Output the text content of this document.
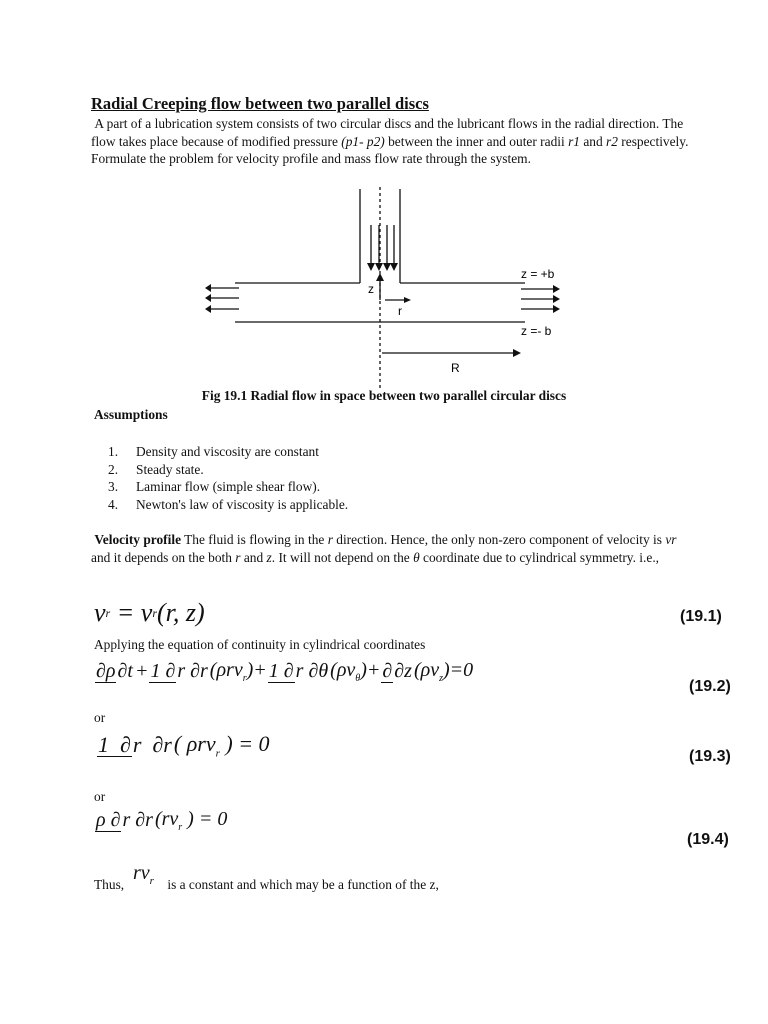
Radial Creeping flow between two parallel discs
A part of a lubrication system consists of two circular discs and the lubricant flows in the radial direction. The flow takes place because of modified pressure (p1- p2) between the inner and outer radii r1 and r2 respectively. Formulate the problem for velocity profile and mass flow rate through the system.
z = +b
z =- b
z
r
R
Fig 19.1 Radial flow in space between two parallel circular discs
Assumptions
1. Density and viscosity are constant
2. Steady state.
3. Laminar flow (simple shear flow).
4. Newton's law of viscosity is applicable.
Velocity profile The fluid is flowing in the r direction. Hence, the only non-zero component of velocity is vr and it depends on the both r and z. It will not depend on the θ coordinate due to cylindrical symmetry. i.e.,
v r = v r (r, z)	(19.1)
Applying the equation of continuity in cylindrical coordinates
∂ρ ∂t + 1 ∂ r ∂r (ρrv$_r$)+ 1 ∂ r ∂θ $(\rho v_\theta)+$ ∂ ∂z $(\rho v_z)=0$
(19.2)
or
1  ∂r  ∂r ( ρrv$_r$ ) = 0
(19.3)
or
ρ ∂ r ∂r ($rv_r$ ) = 0
(19.4)
Thus,
$rv_r$ is a constant and which may be a function of the z,
